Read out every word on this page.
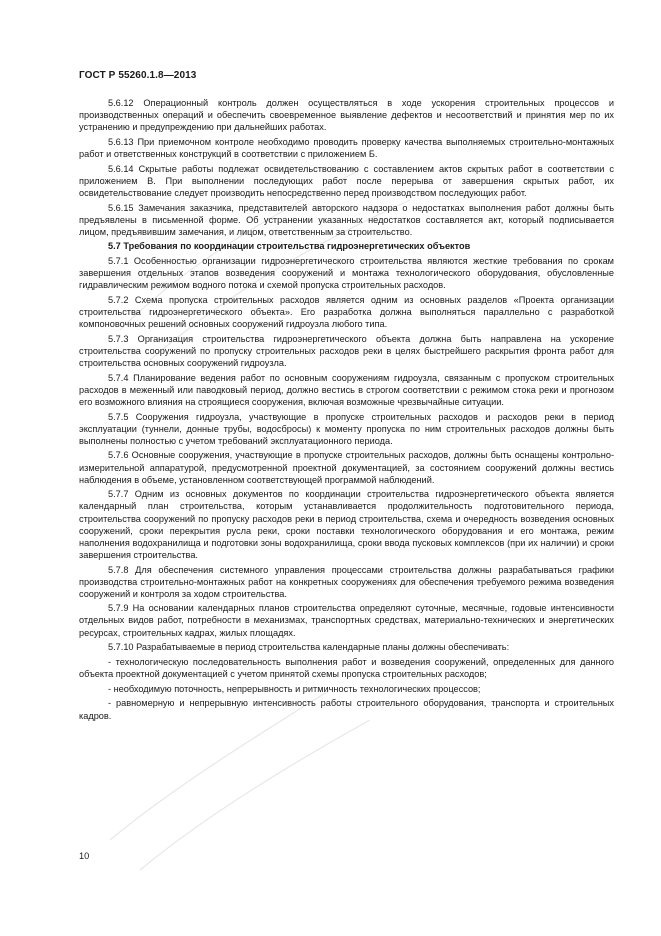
ГОСТ Р 55260.1.8—2013

5.6.12 Операционный контроль должен осуществляться в ходе ускорения строительных процессов и производственных операций и обеспечить своевременное выявление дефектов и несоответствий и принятия мер по их устранению и предупреждению при дальнейших работах.

5.6.13 При приемочном контроле необходимо проводить проверку качества выполняемых строительно-монтажных работ и ответственных конструкций в соответствии с приложением Б.

5.6.14 Скрытые работы подлежат освидетельствованию с составлением актов скрытых работ в соответствии с приложением В. При выполнении последующих работ после перерыва от завершения скрытых работ, их освидетельствование следует производить непосредственно перед производством последующих работ.

5.6.15 Замечания заказчика, представителей авторского надзора о недостатках выполнения работ должны быть предъявлены в письменной форме. Об устранении указанных недостатков составляется акт, который подписывается лицом, предъявившим замечания, и лицом, ответственным за строительство.

5.7 Требования по координации строительства гидроэнергетических объектов

5.7.1 Особенностью организации гидроэнергетического строительства являются жесткие требования по срокам завершения отдельных этапов возведения сооружений и монтажа технологического оборудования, обусловленные гидравлическим режимом водного потока и схемой пропуска строительных расходов.

5.7.2 Схема пропуска строительных расходов является одним из основных разделов «Проекта организации строительства гидроэнергетического объекта». Его разработка должна выполняться параллельно с разработкой компоновочных решений основных сооружений гидроузла любого типа.

5.7.3 Организация строительства гидроэнергетического объекта должна быть направлена на ускорение строительства сооружений по пропуску строительных расходов реки в целях быстрейшего раскрытия фронта работ для строительства основных сооружений гидроузла.

5.7.4 Планирование ведения работ по основным сооружениям гидроузла, связанным с пропуском строительных расходов в меженный или паводковый период, должно вестись в строгом соответствии с режимом стока реки и прогнозом его возможного влияния на строящиеся сооружения, включая возможные чрезвычайные ситуации.

5.7.5 Сооружения гидроузла, участвующие в пропуске строительных расходов и расходов реки в период эксплуатации (туннели, донные трубы, водосбросы) к моменту пропуска по ним строительных расходов должны быть выполнены полностью с учетом требований эксплуатационного периода.

5.7.6 Основные сооружения, участвующие в пропуске строительных расходов, должны быть оснащены контрольно-измерительной аппаратурой, предусмотренной проектной документацией, за состоянием сооружений должны вестись наблюдения в объеме, установленном соответствующей программой наблюдений.

5.7.7 Одним из основных документов по координации строительства гидроэнергетического объекта является календарный план строительства, которым устанавливается продолжительность подготовительного периода, строительства сооружений по пропуску расходов реки в период строительства, схема и очередность возведения основных сооружений, сроки перекрытия русла реки, сроки поставки технологического оборудования и его монтажа, режим наполнения водохранилища и подготовки зоны водохранилища, сроки ввода пусковых комплексов (при их наличии) и сроки завершения строительства.

5.7.8 Для обеспечения системного управления процессами строительства должны разрабатываться графики производства строительно-монтажных работ на конкретных сооружениях для обеспечения требуемого режима возведения сооружений и контроля за ходом строительства.

5.7.9 На основании календарных планов строительства определяют суточные, месячные, годовые интенсивности отдельных видов работ, потребности в механизмах, транспортных средствах, материально-технических и энергетических ресурсах, строительных кадрах, жилых площадях.

5.7.10 Разрабатываемые в период строительства календарные планы должны обеспечивать:

- технологическую последовательность выполнения работ и возведения сооружений, определенных для данного объекта проектной документацией с учетом принятой схемы пропуска строительных расходов;

- необходимую поточность, непрерывность и ритмичность технологических процессов;

- равномерную и непрерывную интенсивность работы строительного оборудования, транспорта и строительных кадров.

10
